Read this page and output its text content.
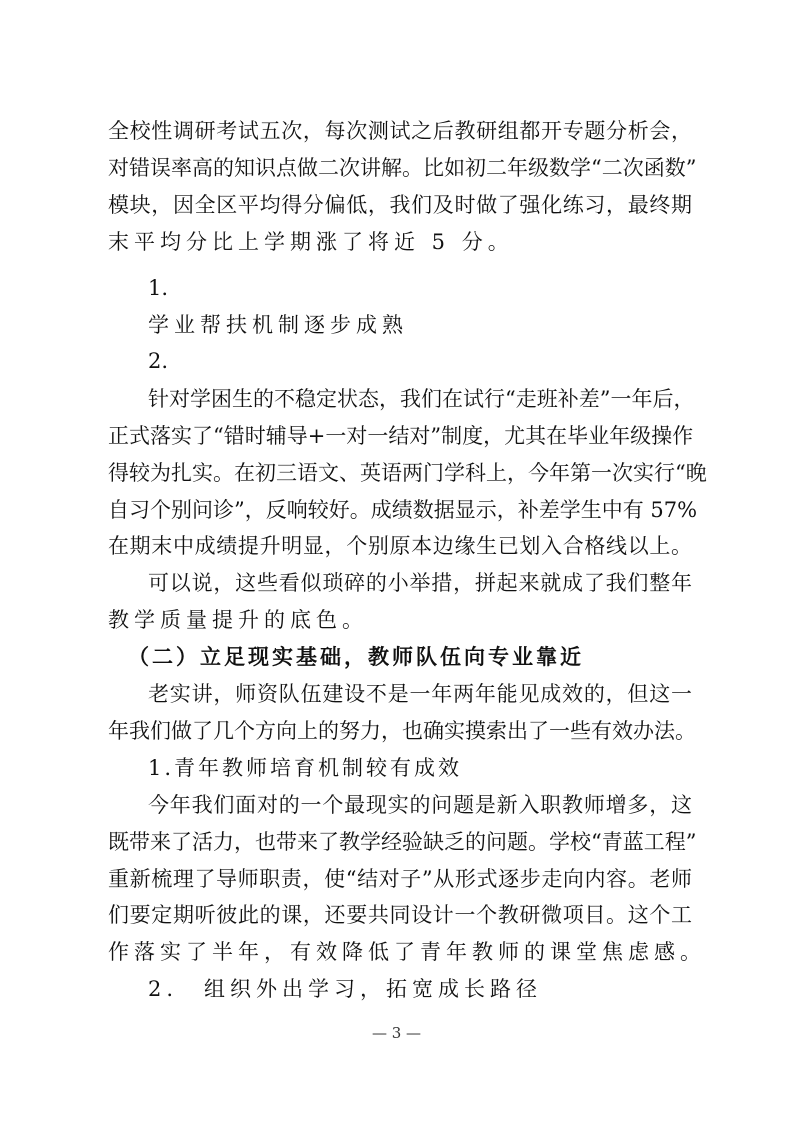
全校性调研考试五次，每次测试之后教研组都开专题分析会，
对错误率高的知识点做二次讲解。比如初二年级数学“二次函数”
模块，因全区平均得分偏低，我们及时做了强化练习，最终期
末平均分比上学期涨了将近 5 分。
1.
学业帮扶机制逐步成熟
2.
针对学困生的不稳定状态，我们在试行“走班补差”一年后，
正式落实了“错时辅导+一对一结对”制度，尤其在毕业年级操作
得较为扎实。在初三语文、英语两门学科上，今年第一次实行“晚
自习个别问诊”，反响较好。成绩数据显示，补差学生中有 57%
在期末中成绩提升明显，个别原本边缘生已划入合格线以上。
可以说，这些看似琐碎的小举措，拼起来就成了我们整年
教学质量提升的底色。
（二）立足现实基础，教师队伍向专业靠近
老实讲，师资队伍建设不是一年两年能见成效的，但这一
年我们做了几个方向上的努力，也确实摸索出了一些有效办法。
1.青年教师培育机制较有成效
今年我们面对的一个最现实的问题是新入职教师增多，这
既带来了活力，也带来了教学经验缺乏的问题。学校“青蓝工程”
重新梳理了导师职责，使“结对子”从形式逐步走向内容。老师
们要定期听彼此的课，还要共同设计一个教研微项目。这个工
作落实了半年，有效降低了青年教师的课堂焦虑感。
2.　组织外出学习，拓宽成长路径
— 3 —
